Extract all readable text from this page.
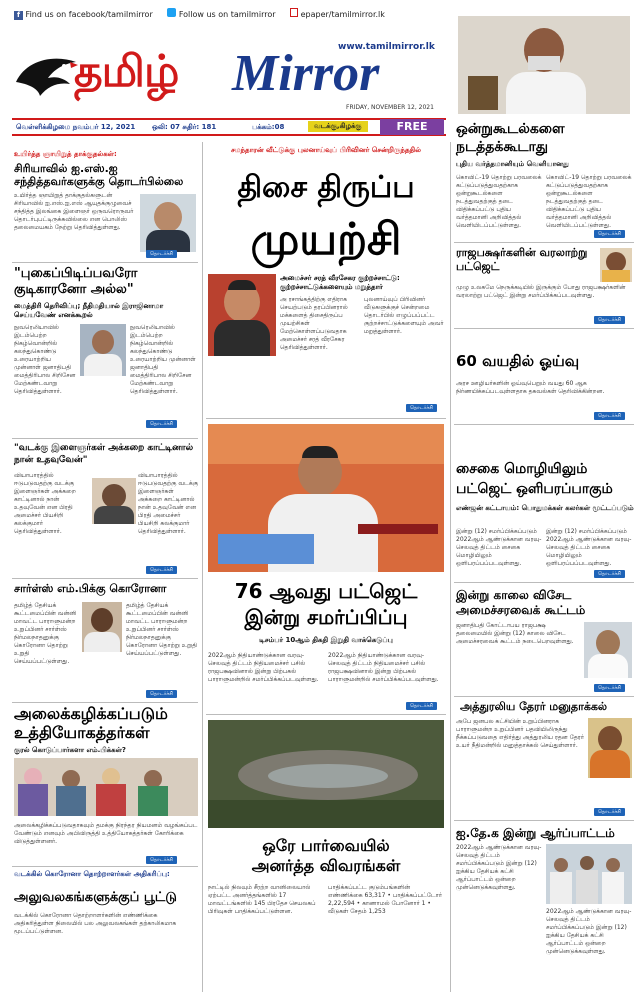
f Find us on facebook/tamilmirror	Follow us on tamilmirror	epaper/tamilmirror.lk
www.tamilmirror.lk
தமிழ் Mirror
FRIDAY, NOVEMBER 12, 2021
வெள்ளிக்கிழமை நவம்பர் 12, 2021 ஒலி: 07 சுதிர்: 181	பக்கம்:08	வடக்கு,கிழக்கு	FREE
உயிர்த்த ஞாயிறுத் தாக்குதல்கள்:
சிரியாவில் ஐ.எஸ்.ஐ சந்தித்தவர்களுக்கு தொடர்பில்லை
உயிர்த்த ஞாயிறுத் தாக்குதல்களுடன் சிரியாவில் ஐ.எஸ்.ஐ.எஸ் ஆயுதக்குழுவைச் சந்தித்த இலங்கை இளைஞர் ஒருவரொருவர் தொடர்புபட்டிருக்கவில்லை என பொலிஸ் தலைமையகம் நேற்று தெரிவித்துள்ளது.
தொடர்ச்சி
"புகைப்பிடிப்பவரோ குடிகாரனோ அல்ல"
மைத்திரி தெரிவிப்பு; நீதிமதியால் இராஜினாமா செய்யவேண் எனக்கூறல்
நுவரெலியாவில் இடம்பெற்ற நிகழ்வொன்றில் கலந்துகொண்டு உரையாற்றிய முன்னாள் ஜனாதிபதி மைத்திரிபால சிறிசேன மேற்கண்டவாறு தெரிவித்துள்ளார்.
நுவரெலியாவில் இடம்பெற்ற நிகழ்வொன்றில் கலந்துகொண்டு உரையாற்றிய முன்னாள் ஜனாதிபதி மைத்திரிபால சிறிசேன மேற்கண்டவாறு தெரிவித்துள்ளார்.
தொடர்ச்சி
"வடக்கு இளைஞர்கள் அக்கறை காட்டினால் நான் உதவுவேன்"
வியாபாரத்தில் ஈடுபடுவதற்கு வடக்கு இளைஞர்கள் அக்கறை காட்டினால் நான் உதவுவேன் என பிரதி அமைச்சர் பியசிறி கலக்குமார் தெரிவித்துள்ளார்.
வியாபாரத்தில் ஈடுபடுவதற்கு வடக்கு இளைஞர்கள் அக்கறை காட்டினால் நான் உதவுவேன் என பிரதி அமைச்சர் பியசிறி கலக்குமார் தெரிவித்துள்ளார்.
தொடர்ச்சி
சார்ள்ஸ் எம்.பிக்கு கொரோனா
தமிழ்த் தேசியக் கூட்டமைப்பின் வன்னி மாவட்ட பாராளுமன்ற உறுப்பினர் சார்ள்ஸ் நிர்மலநாதனுக்கு கொரோனா தொற்று உறுதி செய்யப்பட்டுள்ளது.
தமிழ்த் தேசியக் கூட்டமைப்பின் வன்னி மாவட்ட பாராளுமன்ற உறுப்பினர் சார்ள்ஸ் நிர்மலநாதனுக்கு கொரோனா தொற்று உறுதி செய்யப்பட்டுள்ளது.
தொடர்ச்சி
அலைக்கழிக்கப்படும் உத்தியோகத்தர்கள்
குரல் கொடுப்பார்களா எம்.பிக்கள்?
அலைக்கழிக்கப்படுவதாகவும் தமக்கு நிரந்தர நியமனம் வழங்கப்பட வேண்டும் எனவும் அபிவிருத்தி உத்தியோகத்தர்கள் கோரிக்கை விடுத்துள்ளனர்.
தொடர்ச்சி
வடக்கில் கொரோனா தொற்றாளர்கள் அதிகரிப்பு:
அலுவலகங்களுக்குப் பூட்டு
வடக்கில் கொரோனா தொற்றாளர்களின் எண்ணிக்கை அதிகரித்துள்ள நிலையில் பல அலுவலகங்கள் தற்காலிகமாக மூடப்பட்டுள்ளன.
சமந்தாரன் வீட்டுக்கு புலனாய்வுப் பிரிவினர் சென்றிருந்ததில்
திசை திருப்ப
முயற்சி
அமைச்சர் சரத் வீரசேகர குற்றச்சாட்டு: குற்றச்சாட்டுக்களையும் மறுத்தார்
அ ரசாங்கத்திற்கு எதிராக செயற்படும் தரப்பினரால் மக்களைத் திசைதிருப்ப முயற்சிகள் மேற்கொள்ளப்படுவதாக அமைச்சர் சரத் வீரசேகர தெரிவித்துள்ளார்.
புலனாய்வுப் பிரிவினர் வீடுகளுக்குச் சென்றமை தொடர்பில் எழுப்பப்பட்ட குற்றச்சாட்டுக்களையும் அவர் மறுத்துள்ளார்.
தொடர்ச்சி
76 ஆவது பட்ஜெட்
இன்று சமர்ப்பிப்பு
டிசம்பர் 10ஆம் திகதி இறுதி வாக்கெடுப்பு
2022ஆம் நிதியாண்டுக்கான வரவு-செலவுத் திட்டம் நிதியமைச்சர் பசில் ராஜபக்ஷவினால் இன்று பிற்பகல் பாராளுமன்றில் சமர்ப்பிக்கப்படவுள்ளது.
2022ஆம் நிதியாண்டுக்கான வரவு-செலவுத் திட்டம் நிதியமைச்சர் பசில் ராஜபக்ஷவினால் இன்று பிற்பகல் பாராளுமன்றில் சமர்ப்பிக்கப்படவுள்ளது.
தொடர்ச்சி
ஒரே பார்வையில்
அனர்த்த விவரங்கள்
நாட்டில் நிலவும் சீரற்ற வானிலையால் ஏற்பட்ட அனர்த்தங்களில் 17 மாவட்டங்களில் 145 பிரதேச செயலகப் பிரிவுகள் பாதிக்கப்பட்டுள்ளன.
பாதிக்கப்பட்ட குடும்பங்களின் எண்ணிக்கை 63,317 • பாதிக்கப்பட்டோர் 2,22,594 • காணாமல் போனோர் 1 • வீடுகள் சேதம் 1,253
ஒன்றுகூடல்களை நடத்தக்கூடாது
புதிய வர்த்தமானியும் வெளியானது
கொவிட்-19 தொற்று பரவலைக் கட்டுப்படுத்துவதற்காக ஒன்றுகூடல்களை நடத்துவதற்குத் தடை விதிக்கப்பட்டு புதிய வர்த்தமானி அறிவித்தல் வெளியிடப்பட்டுள்ளது.
கொவிட்-19 தொற்று பரவலைக் கட்டுப்படுத்துவதற்காக ஒன்றுகூடல்களை நடத்துவதற்குத் தடை விதிக்கப்பட்டு புதிய வர்த்தமானி அறிவித்தல் வெளியிடப்பட்டுள்ளது.
தொடர்ச்சி
ராஜபக்ஷர்களின் வரலாற்று பட்ஜெட்
முழு உலகமே நெருக்கடியில் இருக்கும் போது ராஜபக்ஷர்களின் வரலாற்று பட்ஜெட் இன்று சமர்ப்பிக்கப்படவுள்ளது.
தொடர்ச்சி
60 வயதில் ஓய்வு
அரச ஊழியர்களின் ஓய்வுபெறும் வயது 60 ஆக நிர்ணயிக்கப்படவுள்ளதாக தகவல்கள் தெரிவிக்கின்றன.
தொடர்ச்சி
சைகை மொழியிலும்
பட்ஜெட் ஒளிபரப்பாகும்
எண்ஜன் கட்டாயம்: பொதுமக்கள் கலர்கள் மூட்டப்படும்
இன்று (12) சமர்ப்பிக்கப்படும் 2022ஆம் ஆண்டுக்கான வரவு-செலவுத் திட்டம் சைகை மொழியிலும் ஒளிபரப்பப்படவுள்ளது.
இன்று (12) சமர்ப்பிக்கப்படும் 2022ஆம் ஆண்டுக்கான வரவு-செலவுத் திட்டம் சைகை மொழியிலும் ஒளிபரப்பப்படவுள்ளது.
தொடர்ச்சி
இன்று காலை விசேட அமைச்சரவைக் கூட்டம்
ஜனாதிபதி கோட்டாபய ராஜபக்ஷ தலைமையில் இன்று (12) காலை விசேட அமைச்சரவைக் கூட்டம் நடைபெறவுள்ளது.
தொடர்ச்சி
அத்துரலிய தேரர் மனுதாக்கல்
அபே ஜனபல கட்சியின் உறுப்பினராக பாராளுமன்ற உறுப்பினர் பதவியிலிருந்து நீக்கப்படுவதை எதிர்த்து அத்துரலிய ரதன தேரர் உயர் நீதிமன்றில் மனுத்தாக்கல் செய்துள்ளார்.
தொடர்ச்சி
ஐ.தே.க இன்று ஆர்ப்பாட்டம்
2022ஆம் ஆண்டுக்கான வரவு-செலவுத் திட்டம் சமர்ப்பிக்கப்படும் இன்று (12) ஐக்கிய தேசியக் கட்சி ஆர்ப்பாட்டம் ஒன்றை முன்னெடுக்கவுள்ளது.
2022ஆம் ஆண்டுக்கான வரவு-செலவுத் திட்டம் சமர்ப்பிக்கப்படும் இன்று (12) ஐக்கிய தேசியக் கட்சி ஆர்ப்பாட்டம் ஒன்றை முன்னெடுக்கவுள்ளது.
